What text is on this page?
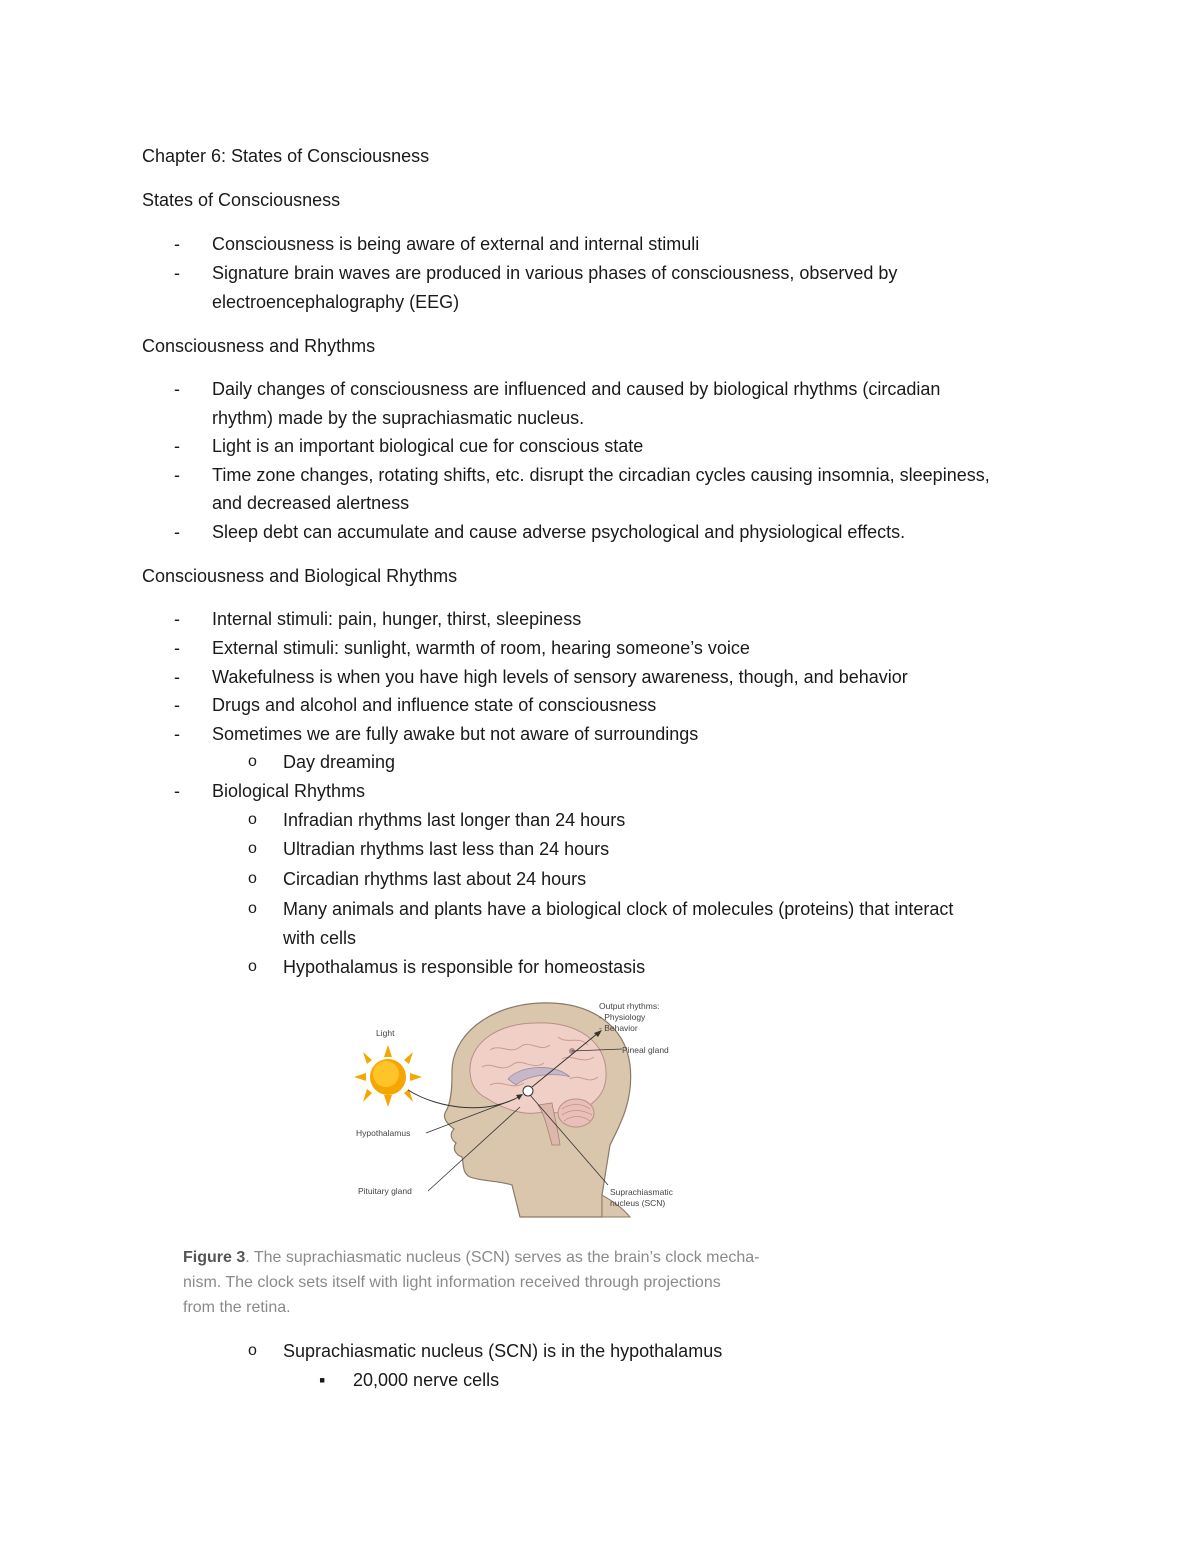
Chapter 6: States of Consciousness
States of Consciousness
-	Consciousness is being aware of external and internal stimuli
-	Signature brain waves are produced in various phases of consciousness, observed by
electroencephalography (EEG)
Consciousness and Rhythms
-	Daily changes of consciousness are influenced and caused by biological rhythms (circadian
rhythm) made by the suprachiasmatic nucleus.
-	Light is an important biological cue for conscious state
-	Time zone changes, rotating shifts, etc. disrupt the circadian cycles causing insomnia, sleepiness,
and decreased alertness
-	Sleep debt can accumulate and cause adverse psychological and physiological effects.
Consciousness and Biological Rhythms
-	Internal stimuli: pain, hunger, thirst, sleepiness
-	External stimuli: sunlight, warmth of room, hearing someone’s voice
-	Wakefulness is when you have high levels of sensory awareness, though, and behavior
-	Drugs and alcohol and influence state of consciousness
-	Sometimes we are fully awake but not aware of surroundings
o	Day dreaming
-	Biological Rhythms
o	Infradian rhythms last longer than 24 hours
o	Ultradian rhythms last less than 24 hours
o	Circadian rhythms last about 24 hours
o	Many animals and plants have a biological clock of molecules (proteins) that interact
with cells
o	Hypothalamus is responsible for homeostasis
Light
Hypothalamus
Pituitary gland
Output rhythms:
- Physiology
- Behavior
Pineal gland
Suprachiasmatic
nucleus (SCN)
Figure 3. The suprachiasmatic nucleus (SCN) serves as the brain’s clock mecha-
nism. The clock sets itself with light information received through projections
from the retina.
o	Suprachiasmatic nucleus (SCN) is in the hypothalamus
▪	20,000 nerve cells
